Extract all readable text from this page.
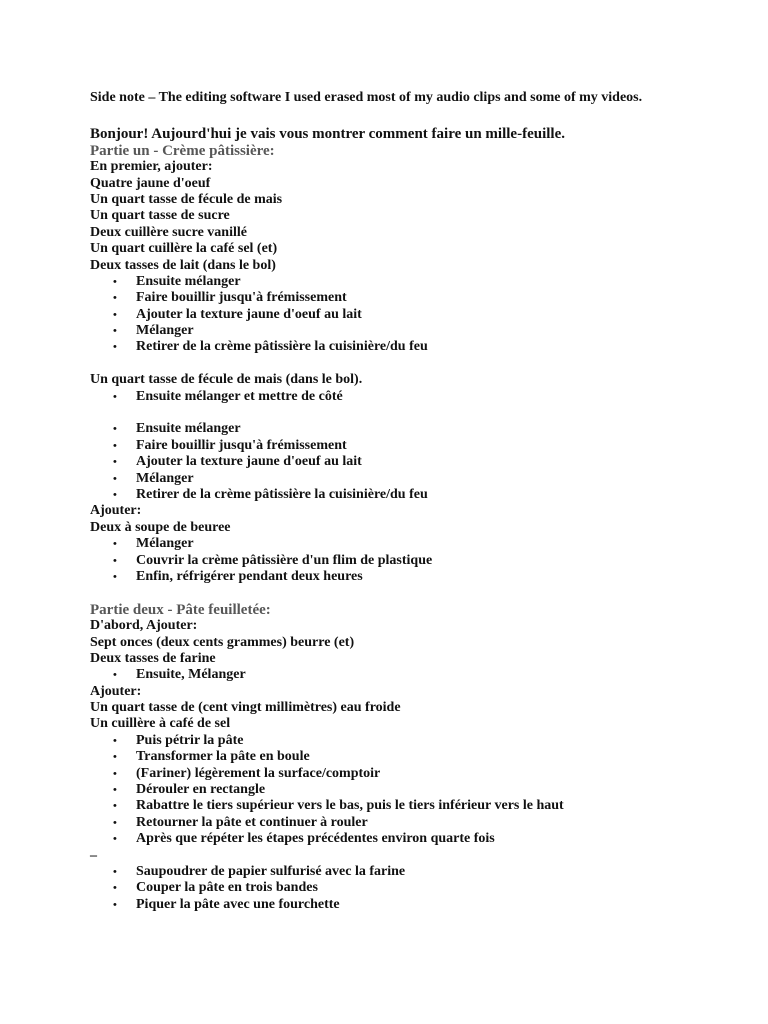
Side note – The editing software I used erased most of my audio clips and some of my videos.
Bonjour! Aujourd'hui je vais vous montrer comment faire un mille-feuille.
Partie un - Crème pâtissière:
En premier, ajouter:
Quatre jaune d'oeuf
Un quart tasse de fécule de mais
Un quart tasse de sucre
Deux cuillère sucre vanillé
Un quart cuillère la café sel (et)
Deux tasses de lait (dans le bol)
• Ensuite mélanger
• Faire bouillir jusqu'à frémissement
• Ajouter la texture jaune d'oeuf au lait
• Mélanger
• Retirer de la crème pâtissière la cuisinière/du feu
Un quart tasse de fécule de mais (dans le bol).
• Ensuite mélanger et mettre de côté
• Ensuite mélanger
• Faire bouillir jusqu'à frémissement
• Ajouter la texture jaune d'oeuf au lait
• Mélanger
• Retirer de la crème pâtissière la cuisinière/du feu
Ajouter:
Deux à soupe de beuree
• Mélanger
• Couvrir la crème pâtissière d'un flim de plastique
• Enfin, réfrigérer pendant deux heures
Partie deux - Pâte feuilletée:
D'abord, Ajouter:
Sept onces (deux cents grammes) beurre (et)
Deux tasses de farine
• Ensuite, Mélanger
Ajouter:
Un quart tasse de (cent vingt millimètres) eau froide
Un cuillère à café de sel
• Puis pétrir la pâte
• Transformer la pâte en boule
• (Fariner) légèrement la surface/comptoir
• Dérouler en rectangle
• Rabattre le tiers supérieur vers le bas, puis le tiers inférieur vers le haut
• Retourner la pâte et continuer à rouler
• Après que répéter les étapes précédentes environ quarte fois
–
• Saupoudrer de papier sulfurisé avec la farine
• Couper la pâte en trois bandes
• Piquer la pâte avec une fourchette
